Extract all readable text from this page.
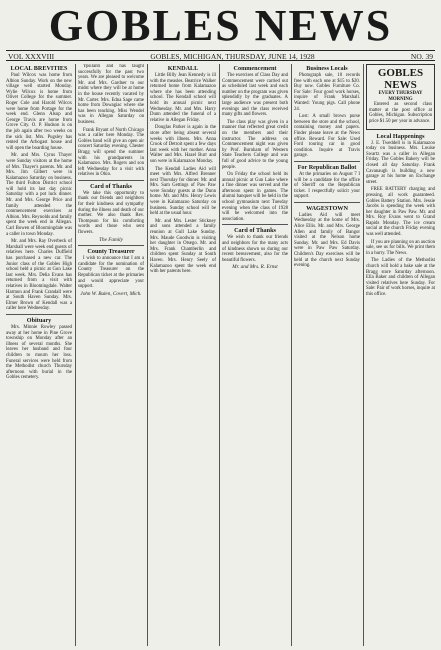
GOBLES NEWS
VOL XXXVIII	GOBLES, MICHIGAN, THURSDAY, JUNE 14, 1928	NO. 39
LOCAL BREVITIES

Paul Wilcox was home from Albion Sunday. Work on the new village well started Monday. Wylie Wilcox is home from Olivet College for the summer. Roger Cole and Harold Wilcox were home from Portage for the week end. Glenn Alsop and George Travis are home from Grove City. O. P. Hudson is on the job again after two weeks on the sick list. Mrs. Pugsley has rented the Arbogast house and will open the boarding house.

Mr. and Mrs. Cyrus Thayer were Sunday visitors at the home of Mrs. Thayer's parents. Mr. and Mrs. Jim Gilbert were in Kalamazoo Saturday on business. The third Fulton District school will hold its last day picnic Saturday with a pot luck dinner. Mr. and Mrs. George Price and family attended the commencement exercises at Albion. Mrs. Reynolds and family spent the week end in Allegan. Carl Bowen of Bloomingdale was a caller in town Monday.

Mr. and Mrs. Ray Overbeck of Marshall were week end guests of relatives here. Charles Duffield has purchased a new car. The Junior class of the Gobles High school held a picnic at Gun Lake last week. Mrs. Delia Evans has returned from a visit with relatives in Bloomingdale. Walter Harmon and Frank Crandall were at South Haven Sunday. Mrs. Elmer Brown of Kendall was a caller here Wednesday.

Obituary

Mrs. Minnie Rowley passed away at her home in Pine Grove township on Monday after an illness of several months. She leaves her husband and four children to mourn her loss. Funeral services were held from the Methodist church Thursday afternoon with burial in the Gobles cemetery.

Ypsilanti and has taught successfully for the past two years. We are pleased to welcome Mr. and Mrs. Gardner to our midst where they will be at home in the house recently vacated by Mr. Carter. Mrs. Edna Sage came home from Dowagiac where she has been teaching. Miss Wendel was in Allegan Saturday on business.

Frank Bryant of North Chicago was a caller here Monday. The Gobles band will give an open air concert Saturday evening. Chester Bragg will spend the summer with his grandparents in Kalamazoo. Mrs. Rogers and son left Wednesday for a visit with relatives in Ohio.

Card of Thanks

We take this opportunity to thank our friends and neighbors for their kindness and sympathy during the illness and death of our mother. We also thank Rev. Thompson for his comforting words and those who sent flowers.

The Family
County Treasurer

I wish to announce that I am a candidate for the nomination of County Treasurer on the Republican ticket at the primaries and would appreciate your support.

John W. Bulen, Covert, Mich.
KENDALL

Little Billy Jean Kennedy is ill with the measles. Beatrice Walker returned home from Kalamazoo where she has been attending school. The Kendall school will hold its annual picnic next Wednesday. Mr. and Mrs. Harry Dunn attended the funeral of a relative in Allegan Friday.

Douglas Parker is again in the store after being absent several weeks with illness. Mrs. Anna Crook of Detroit spent a few days last week with her mother. Anna Walter and Mrs. Hazel Burr and son were in Kalamazoo Monday.

The Kendall Ladies Aid will meet with Mrs. Alfred Brenner next Thursday for dinner. Mr. and Mrs. Sam Gettings of Paw Paw were Sunday guests at the Dunn home. Mr. and Mrs. Henry Lewis were in Kalamazoo Saturday on business. Sunday school will be held at the usual hour.

Mr. and Mrs. Lester Stickney and sons attended a family reunion at Gull Lake Sunday. Mrs. Maude Goodwin is visiting her daughter in Otsego. Mr. and Mrs. Frank Chamberlin and children spent Sunday at South Haven. Mrs. Henry Seely of Kalamazoo spent the week end with her parents here.

Commencement

The exercises of Class Day and Commencement were carried out as scheduled last week and each number on the program was given splendidly by the graduates. A large audience was present both evenings and the class received many gifts and flowers.

The class play was given in a manner that reflected great credit on the members and their instructor. The address on Commencement night was given by Prof. Burnham of Western State Teachers College and was full of good advice to the young people.

On Friday the school held its annual picnic at Gun Lake where a fine dinner was served and the afternoon spent in games. The alumni banquet will be held in the school gymnasium next Tuesday evening when the class of 1928 will be welcomed into the association.

Card of Thanks

We wish to thank our friends and neighbors for the many acts of kindness shown us during our recent bereavement, also for the beautiful flowers.

Mr. and Mrs. R. Ernst
Business Locals

Photograph sale, 10 records free with each one at $15 to $20. Buy now. Gobles Furniture Co. For Sale: Four good work horses, inquire of Frank Marshall. Wanted: Young pigs. Call phone 24.

Lost: A small brown purse between the store and the school, containing money and papers. Finder please leave at the News office. Reward. For Sale: Used Ford touring car in good condition. Inquire at Travis garage.

For Republican Ballot

At the primaries on August 7 I will be a candidate for the office of Sheriff on the Republican ticket. I respectfully solicit your support.

WAGESTOWN

Ladies Aid will meet Wednesday at the home of Mrs. Alice Ellis. Mr. and Mrs. George Allen and family of Bangor visited at the Nelson home Sunday. Mr. and Mrs. Ed Davis were in Paw Paw Saturday. Children's Day exercises will be held at the church next Sunday evening.

GOBLES NEWS
EVERY THURSDAY MORNING

Entered as second class matter at the post office at Gobles, Michigan. Subscription price $1.50 per year in advance.

Local Happenings

J. E. Tweddell is in Kalamazoo today on business. Mrs. Louise Swartz was a caller in Allegan Friday. The Gobles Bakery will be closed all day Saturday. Frank Cavanaugh is building a new garage at his home on Exchange street.

FREE BATTERY charging and pressing, all work guaranteed. Gobles Battery Station. Mrs. Jessie Jacobs is spending the week with her daughter in Paw Paw. Mr. and Mrs. Roy Evans went to Grand Rapids Monday. The ice cream social at the church Friday evening was well attended.

If you are planning on an auction sale, see us for bills. We print them in a hurry. The News.

The Ladies of the Methodist church will hold a bake sale at the Bragg store Saturday afternoon. Ella Baker and children of Allegan visited relatives here Sunday. For Sale: Pair of work horses, inquire at this office.
